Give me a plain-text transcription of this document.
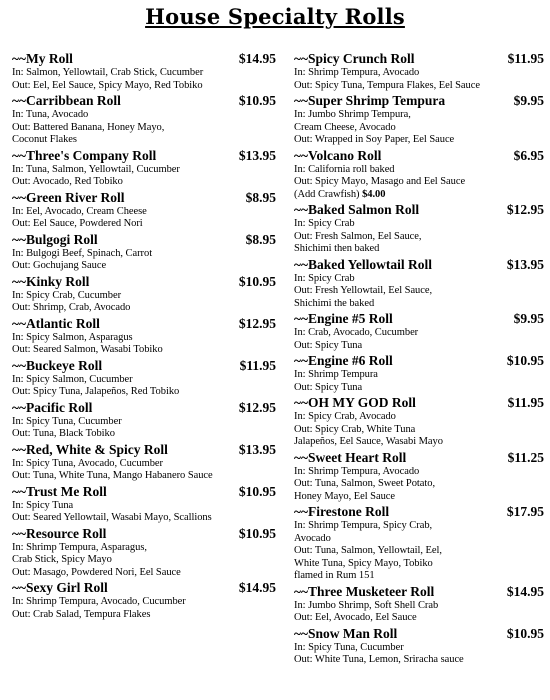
House Specialty Rolls
~~My Roll	$14.95
In: Salmon, Yellowtail, Crab Stick, Cucumber
Out: Eel, Eel Sauce, Spicy Mayo, Red Tobiko
~~Carribbean Roll	$10.95
In: Tuna, Avocado
Out: Battered Banana, Honey Mayo,
Coconut Flakes
~~Three's Company Roll	$13.95
In: Tuna, Salmon, Yellowtail, Cucumber
Out: Avocado, Red Tobiko
~~Green River Roll	$8.95
In: Eel, Avocado, Cream Cheese
Out: Eel Sauce, Powdered Nori
~~Bulgogi Roll	$8.95
In: Bulgogi Beef, Spinach, Carrot
Out: Gochujang Sauce
~~Kinky Roll	$10.95
In: Spicy Crab, Cucumber
Out: Shrimp, Crab, Avocado
~~Atlantic Roll	$12.95
In: Spicy Salmon, Asparagus
Out: Seared Salmon, Wasabi Tobiko
~~Buckeye Roll	$11.95
In: Spicy Salmon, Cucumber
Out: Spicy Tuna, Jalapeños, Red Tobiko
~~Pacific Roll	$12.95
In: Spicy Tuna, Cucumber
Out: Tuna, Black Tobiko
~~Red, White & Spicy Roll	$13.95
In: Spicy Tuna, Avocado, Cucumber
Out: Tuna, White Tuna, Mango Habanero Sauce
~~Trust Me Roll	$10.95
In: Spicy Tuna
Out: Seared Yellowtail, Wasabi Mayo, Scallions
~~Resource Roll	$10.95
In: Shrimp Tempura, Asparagus,
Crab Stick, Spicy Mayo
Out: Masago, Powdered Nori, Eel Sauce
~~Sexy Girl Roll	$14.95
In: Shrimp Tempura, Avocado, Cucumber
Out: Crab Salad, Tempura Flakes
~~Spicy Crunch Roll	$11.95
In: Shrimp Tempura, Avocado
Out: Spicy Tuna, Tempura Flakes, Eel Sauce
~~Super Shrimp Tempura	$9.95
In: Jumbo Shrimp Tempura,
Cream Cheese, Avocado
Out: Wrapped in Soy Paper, Eel Sauce
~~Volcano Roll	$6.95
In: California roll baked
Out: Spicy Mayo, Masago and Eel Sauce
(Add Crawfish) $4.00
~~Baked Salmon Roll	$12.95
In: Spicy Crab
Out: Fresh Salmon, Eel Sauce,
Shichimi then baked
~~Baked Yellowtail Roll	$13.95
In: Spicy Crab
Out: Fresh Yellowtail, Eel Sauce,
Shichimi the baked
~~Engine #5 Roll	$9.95
In: Crab, Avocado, Cucumber
Out: Spicy Tuna
~~Engine #6 Roll	$10.95
In: Shrimp Tempura
Out: Spicy Tuna
~~OH MY GOD Roll	$11.95
In: Spicy Crab, Avocado
Out: Spicy Crab, White Tuna
Jalapeños, Eel Sauce, Wasabi Mayo
~~Sweet Heart Roll	$11.25
In: Shrimp Tempura, Avocado
Out: Tuna, Salmon, Sweet Potato,
Honey Mayo, Eel Sauce
~~Firestone Roll	$17.95
In: Shrimp Tempura, Spicy Crab,
Avocado
Out: Tuna, Salmon, Yellowtail, Eel,
White Tuna, Spicy Mayo, Tobiko
flamed in Rum 151
~~Three Musketeer Roll	$14.95
In: Jumbo Shrimp, Soft Shell Crab
Out: Eel, Avocado, Eel Sauce
~~Snow Man Roll	$10.95
In: Spicy Tuna, Cucumber
Out: White Tuna, Lemon, Sriracha sauce
